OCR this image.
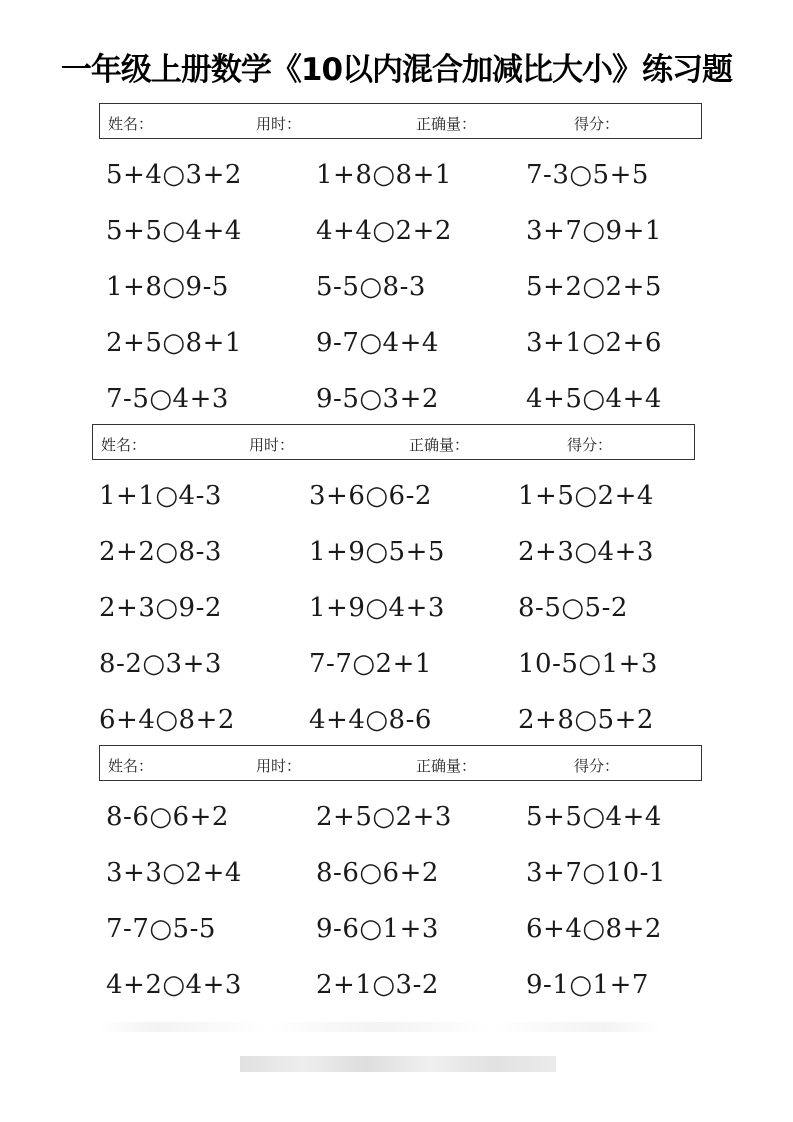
一年级上册数学《10以内混合加减比大小》练习题
姓名：	用时：	正确量：	得分：
5+4○3+2	1+8○8+1	7-3○5+5
5+5○4+4	4+4○2+2	3+7○9+1
1+8○9-5	5-5○8-3	5+2○2+5
2+5○8+1	9-7○4+4	3+1○2+6
7-5○4+3	9-5○3+2	4+5○4+4
姓名：	用时：	正确量：	得分：
1+1○4-3	3+6○6-2	1+5○2+4
2+2○8-3	1+9○5+5	2+3○4+3
2+3○9-2	1+9○4+3	8-5○5-2
8-2○3+3	7-7○2+1	10-5○1+3
6+4○8+2	4+4○8-6	2+8○5+2
姓名：	用时：	正确量：	得分：
8-6○6+2	2+5○2+3	5+5○4+4
3+3○2+4	8-6○6+2	3+7○10-1
7-7○5-5	9-6○1+3	6+4○8+2
4+2○4+3	2+1○3-2	9-1○1+7
